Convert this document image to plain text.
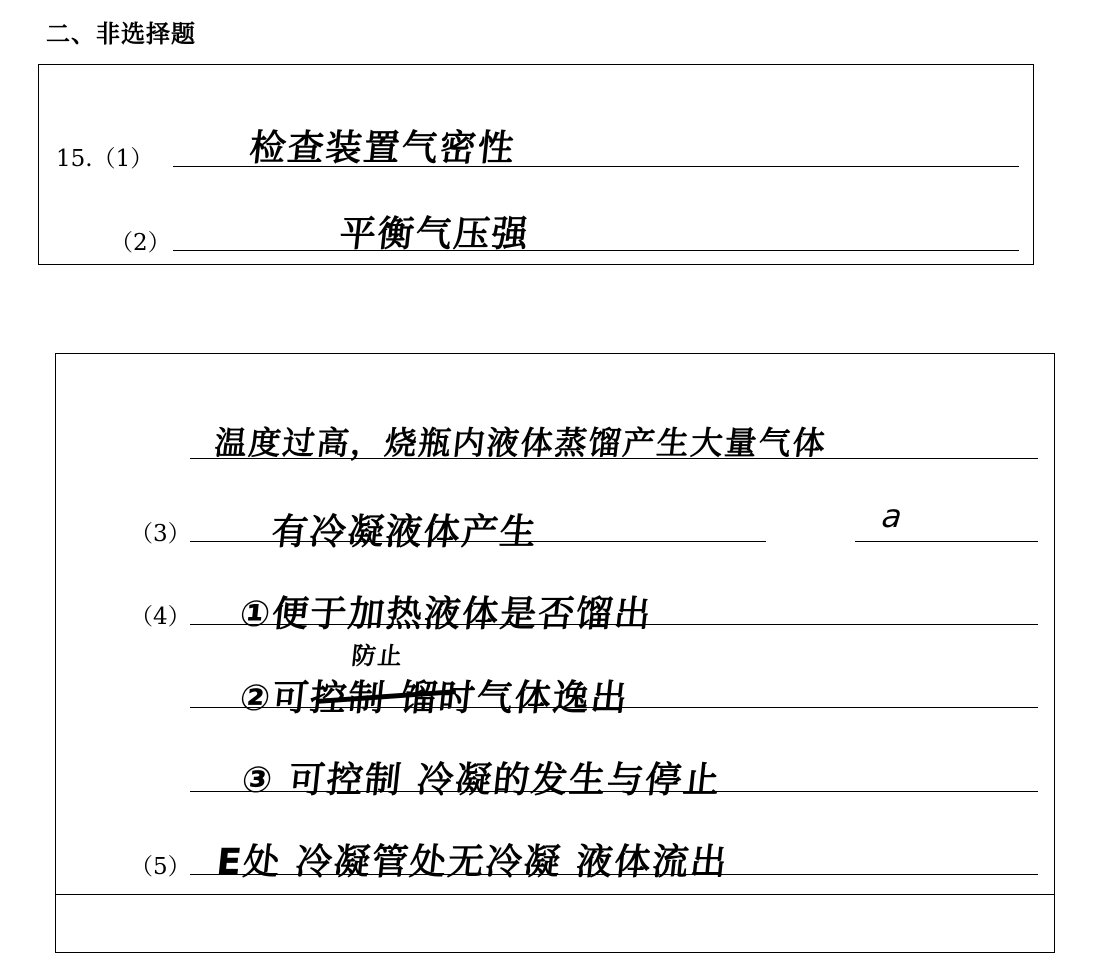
二、非选择题
15.（1）	检查装置气密性
（2）	平衡气压强
温度过高，烧瓶内液体蒸馏产生大量气体
（3） 有冷凝液体产生	a
（4） ①便于加热液体是否馏出
防止
②可控制 馏时气体逸出
③ 可控制 冷凝的发生与停止
（5） E处 冷凝管处无冷凝 液体流出
